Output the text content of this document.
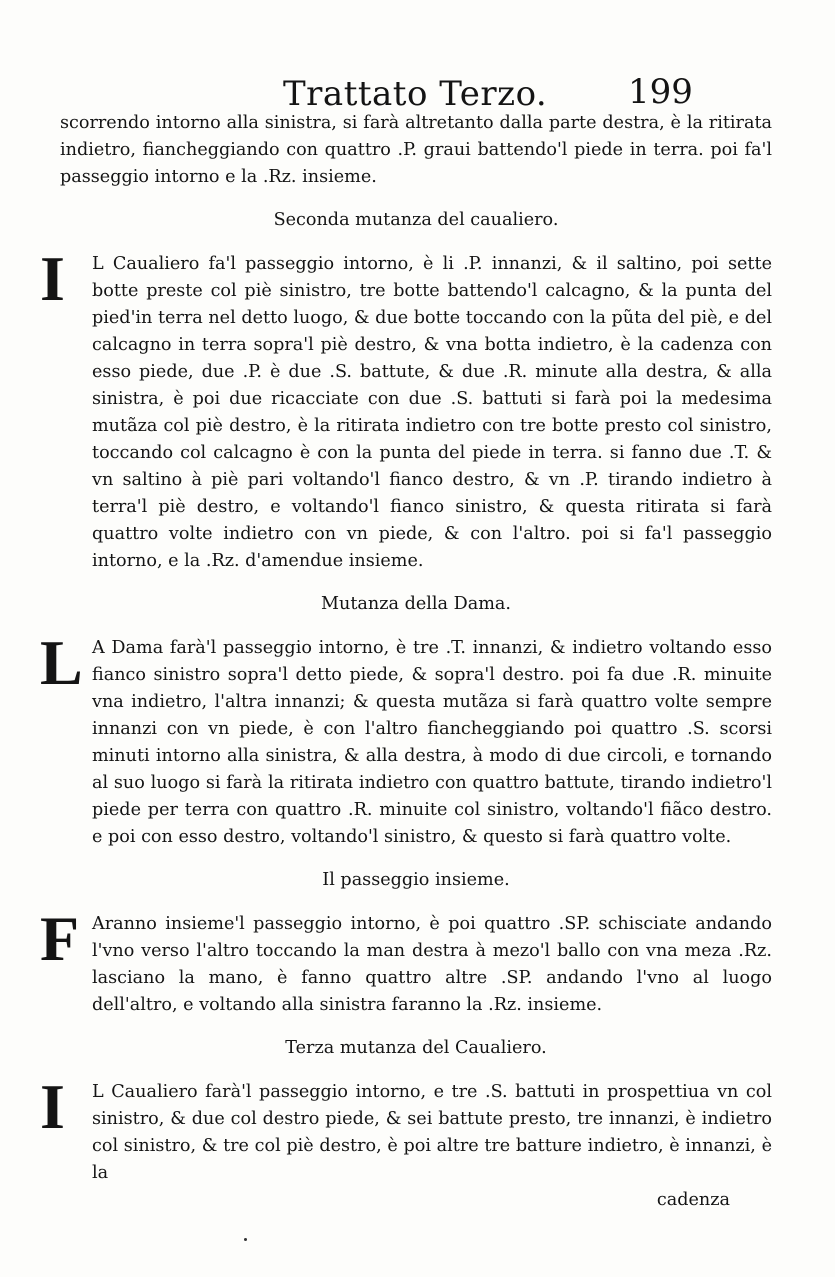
Trattato Terzo. 199

scorrendo intorno alla sinistra, si farà altretanto dalla parte destra, è la ritirata indietro, fiancheggiando con quattro .P. graui battendo'l piede in terra. poi fa'l passeggio intorno e la .Rz. insieme.

Seconda mutanza del caualiero.

I L Caualiero fa'l passeggio intorno, è li .P. innanzi, & il saltino, poi sette botte preste col piè sinistro, tre botte battendo'l calcagno, & la punta del pied'in terra nel detto luogo, & due botte toccando con la pũta del piè, e del calcagno in terra sopra'l piè destro, & vna botta indietro, è la cadenza con esso piede, due .P. è due .S. battute, & due .R. minute alla destra, & alla sinistra, è poi due ricacciate con due .S. battuti si farà poi la medesima mutãza col piè destro, è la ritirata indietro con tre botte presto col sinistro, toccando col calcagno è con la punta del piede in terra. si fanno due .T. & vn saltino à piè pari voltando'l fianco destro, & vn .P. tirando indietro à terra'l piè destro, e voltando'l fianco sinistro, & questa ritirata si farà quattro volte indietro con vn piede, & con l'altro. poi si fa'l passeggio intorno, e la .Rz. d'amendue insieme.

Mutanza della Dama.

L A Dama farà'l passeggio intorno, è tre .T. innanzi, & indietro voltando esso fianco sinistro sopra'l detto piede, & sopra'l destro. poi fa due .R. minuite vna indietro, l'altra innanzi; & questa mutãza si farà quattro volte sempre innanzi con vn piede, è con l'altro fiancheggiando poi quattro .S. scorsi minuti intorno alla sinistra, & alla destra, à modo di due circoli, e tornando al suo luogo si farà la ritirata indietro con quattro battute, tirando indietro'l piede per terra con quattro .R. minuite col sinistro, voltando'l fiãco destro. e poi con esso destro, voltando'l sinistro, & questo si farà quattro volte.

Il passeggio insieme.

F Aranno insieme'l passeggio intorno, è poi quattro .SP. schisciate andando l'vno verso l'altro toccando la man destra à mezo'l ballo con vna meza .Rz. lasciano la mano, è fanno quattro altre .SP. andando l'vno al luogo dell'altro, e voltando alla sinistra faranno la .Rz. insieme.

Terza mutanza del Caualiero.

I L Caualiero farà'l passeggio intorno, e tre .S. battuti in prospettiua vn col sinistro, & due col destro piede, & sei battute presto, tre innanzi, è indietro col sinistro, & tre col piè destro, è poi altre tre batture indietro, è innanzi, è la

cadenza
